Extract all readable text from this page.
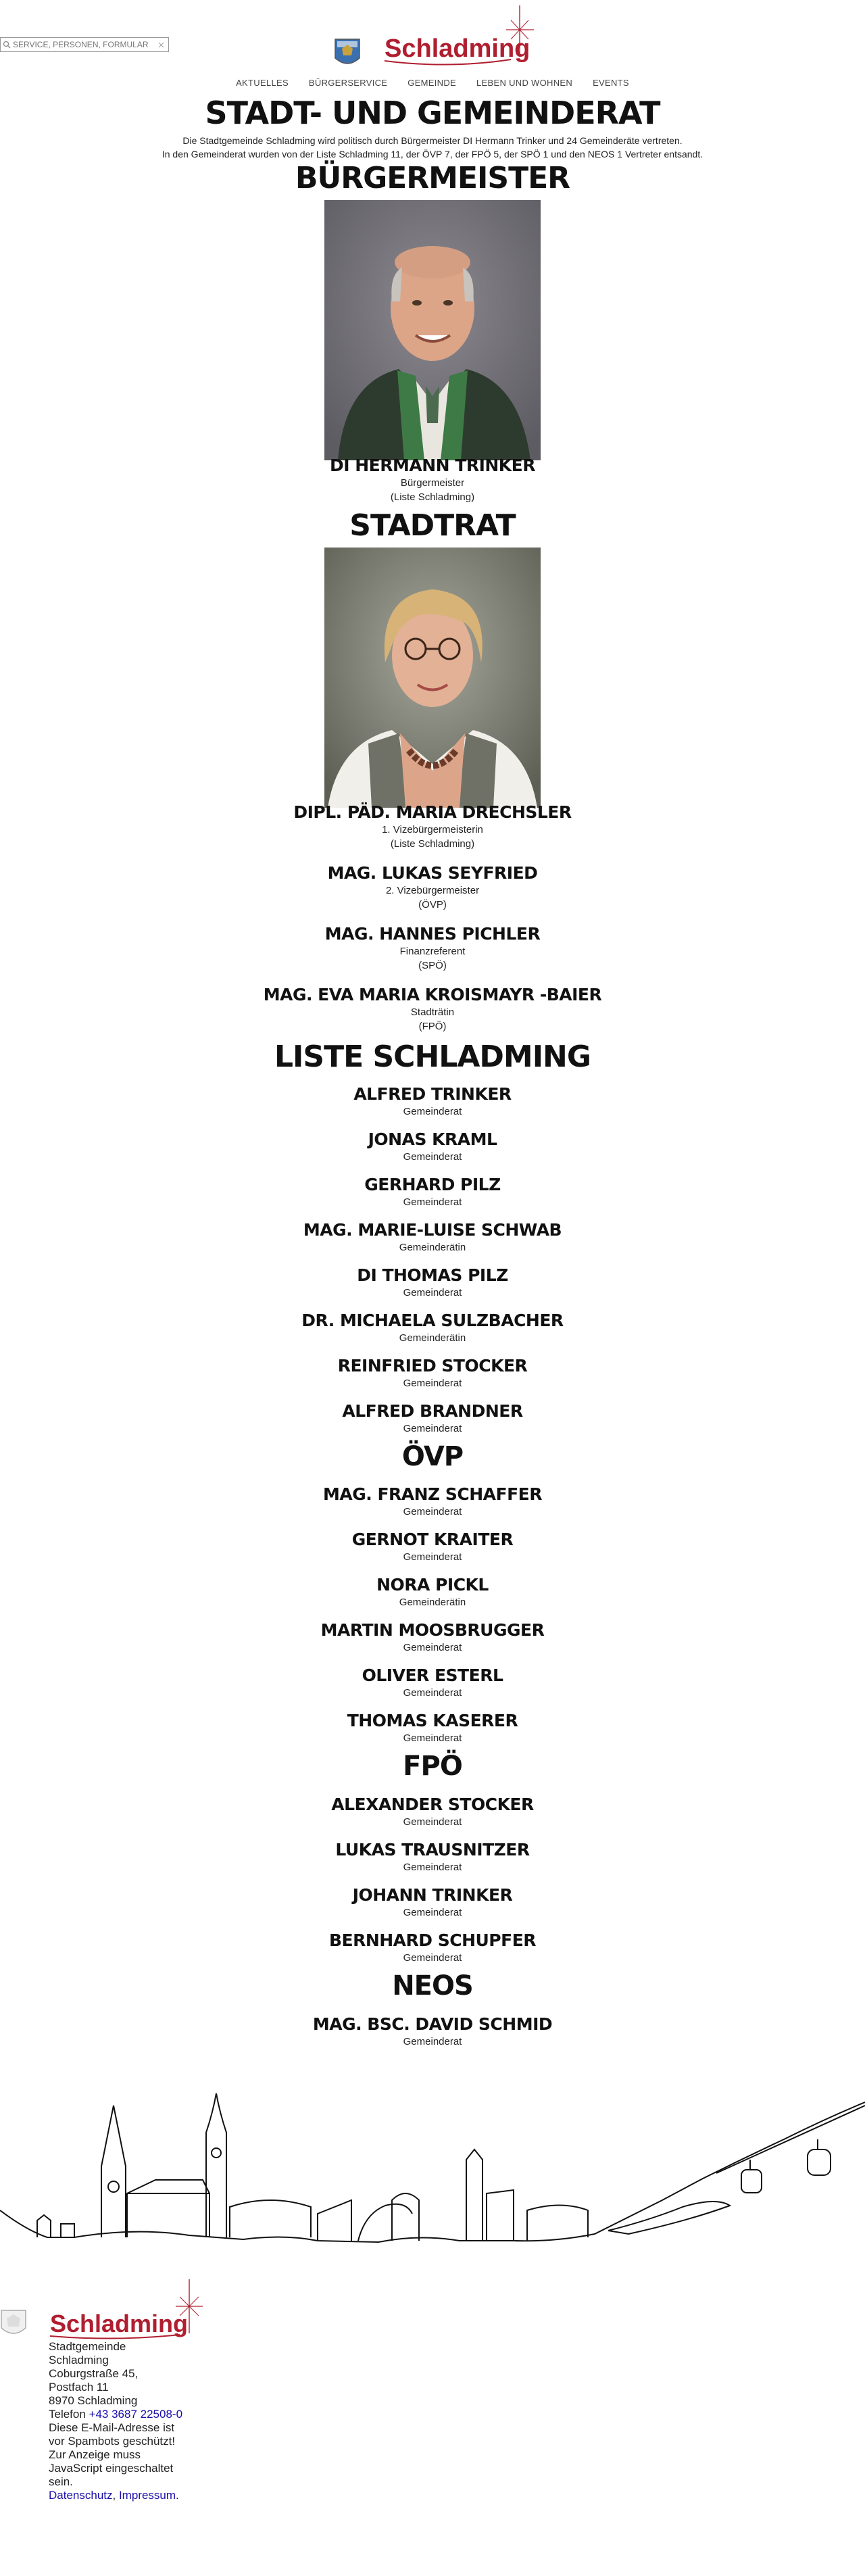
SERVICE, PERSONEN, FORMULARE, ...
Schladming
AKTUELLES BÜRGERSERVICE GEMEINDE LEBEN UND WOHNEN EVENTS
STADT- UND GEMEINDERAT
Die Stadtgemeinde Schladming wird politisch durch Bürgermeister DI Hermann Trinker und 24 Gemeinderäte vertreten.
In den Gemeinderat wurden von der Liste Schladming 11, der ÖVP 7, der FPÖ 5, der SPÖ 1 und den NEOS 1 Vertreter entsandt.
BÜRGERMEISTER
DI HERMANN TRINKER
Bürgermeister
(Liste Schladming)
STADTRAT
DIPL. PÄD. MARIA DRECHSLER
1. Vizebürgermeisterin
(Liste Schladming)
MAG. LUKAS SEYFRIED
2. Vizebürgermeister
(ÖVP)
MAG. HANNES PICHLER
Finanzreferent
(SPÖ)
MAG. EVA MARIA KROISMAYR -BAIER
Stadträtin
(FPÖ)
LISTE SCHLADMING
ALFRED TRINKER
Gemeinderat
JONAS KRAML
Gemeinderat
GERHARD PILZ
Gemeinderat
MAG. MARIE-LUISE SCHWAB
Gemeinderätin
DI THOMAS PILZ
Gemeinderat
DR. MICHAELA SULZBACHER
Gemeinderätin
REINFRIED STOCKER
Gemeinderat
ALFRED BRANDNER
Gemeinderat
ÖVP
MAG. FRANZ SCHAFFER
Gemeinderat
GERNOT KRAITER
Gemeinderat
NORA PICKL
Gemeinderätin
MARTIN MOOSBRUGGER
Gemeinderat
OLIVER ESTERL
Gemeinderat
THOMAS KASERER
Gemeinderat
FPÖ
ALEXANDER STOCKER
Gemeinderat
LUKAS TRAUSNITZER
Gemeinderat
JOHANN TRINKER
Gemeinderat
BERNHARD SCHUPFER
Gemeinderat
NEOS
MAG. BSC. DAVID SCHMID
Gemeinderat
Schladming
Stadtgemeinde
Schladming
Coburgstraße 45,
Postfach 11
8970 Schladming
Telefon +43 3687 22508-0
Diese E-Mail-Adresse ist
vor Spambots geschützt!
Zur Anzeige muss
JavaScript eingeschaltet
sein.
Datenschutz, Impressum.
